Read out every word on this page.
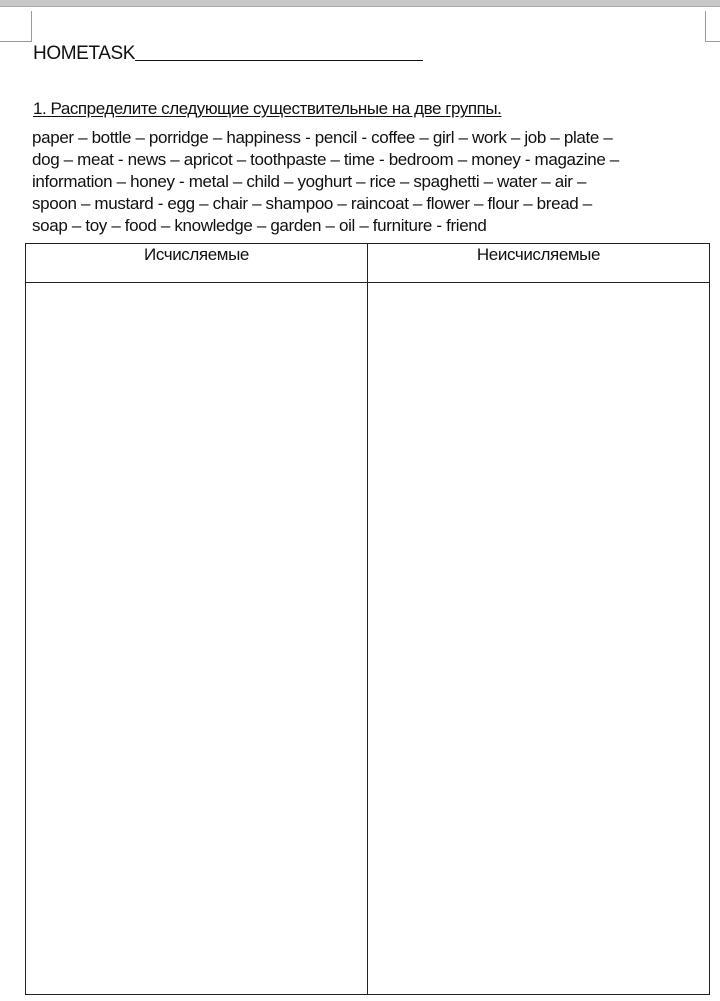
HOMETASK
1. Распределите следующие существительные на две группы.
paper – bottle – porridge – happiness - pencil - coffee – girl – work – job – plate –
dog – meat - news – apricot – toothpaste – time - bedroom – money - magazine –
information – honey - metal – child – yoghurt – rice – spaghetti – water – air –
spoon – mustard - egg – chair – shampoo – raincoat – flower – flour – bread –
soap – toy – food – knowledge – garden – oil – furniture - friend
Исчисляемые	Неисчисляемые
